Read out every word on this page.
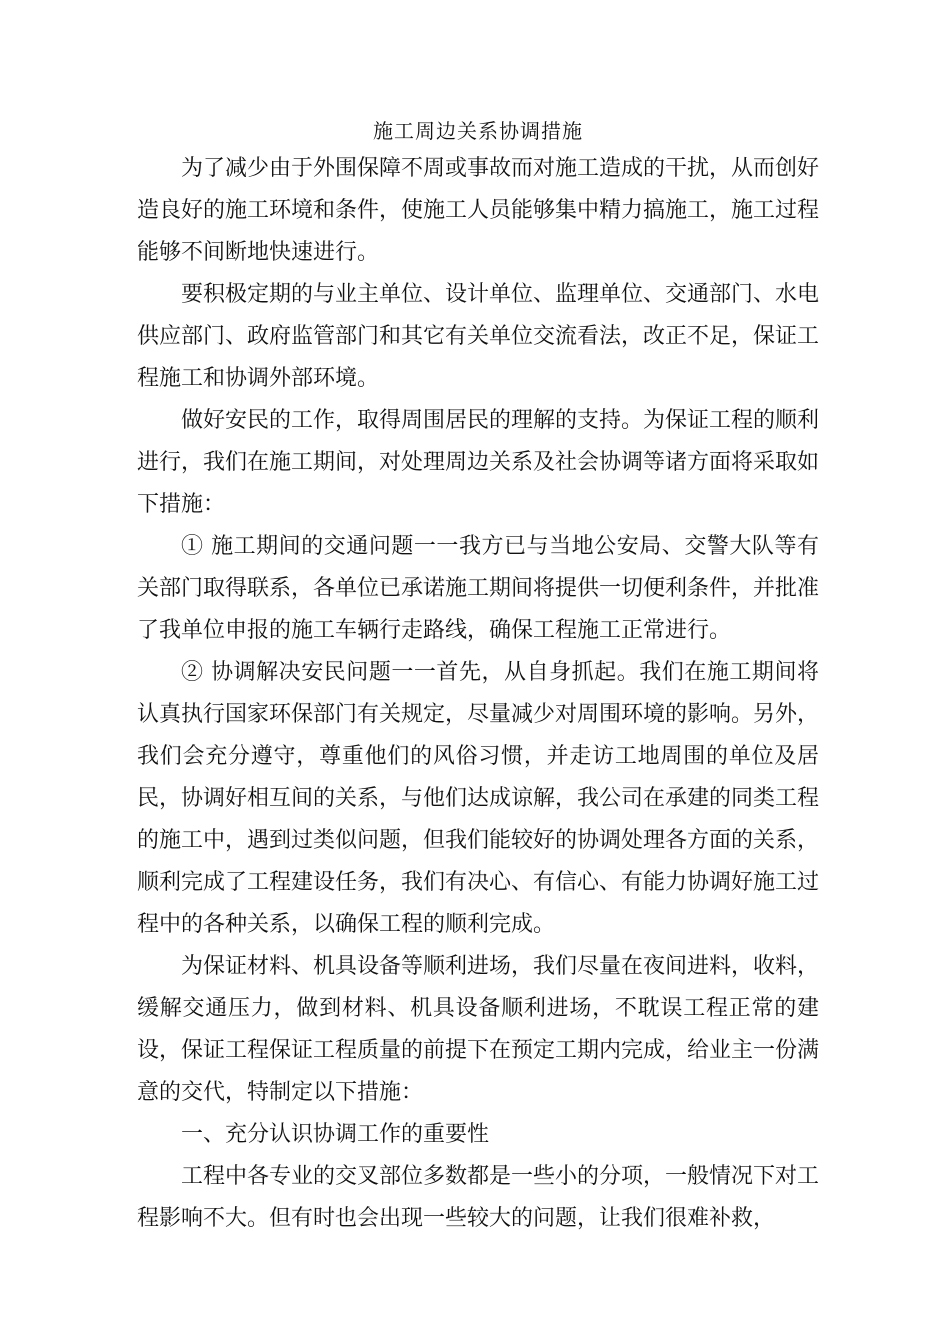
施工周边关系协调措施

为了减少由于外围保障不周或事故而对施工造成的干扰，从而创好造良好的施工环境和条件，使施工人员能够集中精力搞施工，施工过程能够不间断地快速进行。

要积极定期的与业主单位、设计单位、监理单位、交通部门、水电供应部门、政府监管部门和其它有关单位交流看法，改正不足，保证工程施工和协调外部环境。

做好安民的工作，取得周围居民的理解的支持。为保证工程的顺利进行，我们在施工期间，对处理周边关系及社会协调等诸方面将采取如下措施：

① 施工期间的交通问题一一我方已与当地公安局、交警大队等有关部门取得联系，各单位已承诺施工期间将提供一切便利条件，并批准了我单位申报的施工车辆行走路线，确保工程施工正常进行。

② 协调解决安民问题一一首先，从自身抓起。我们在施工期间将认真执行国家环保部门有关规定，尽量减少对周围环境的影响。另外，我们会充分遵守，尊重他们的风俗习惯，并走访工地周围的单位及居民，协调好相互间的关系，与他们达成谅解，我公司在承建的同类工程的施工中，遇到过类似问题，但我们能较好的协调处理各方面的关系，顺利完成了工程建设任务，我们有决心、有信心、有能力协调好施工过程中的各种关系，以确保工程的顺利完成。

为保证材料、机具设备等顺利进场，我们尽量在夜间进料，收料，缓解交通压力，做到材料、机具设备顺利进场，不耽误工程正常的建设，保证工程保证工程质量的前提下在预定工期内完成，给业主一份满意的交代，特制定以下措施：

一、充分认识协调工作的重要性

工程中各专业的交叉部位多数都是一些小的分项，一般情况下对工程影响不大。但有时也会出现一些较大的问题，让我们很难补救，
